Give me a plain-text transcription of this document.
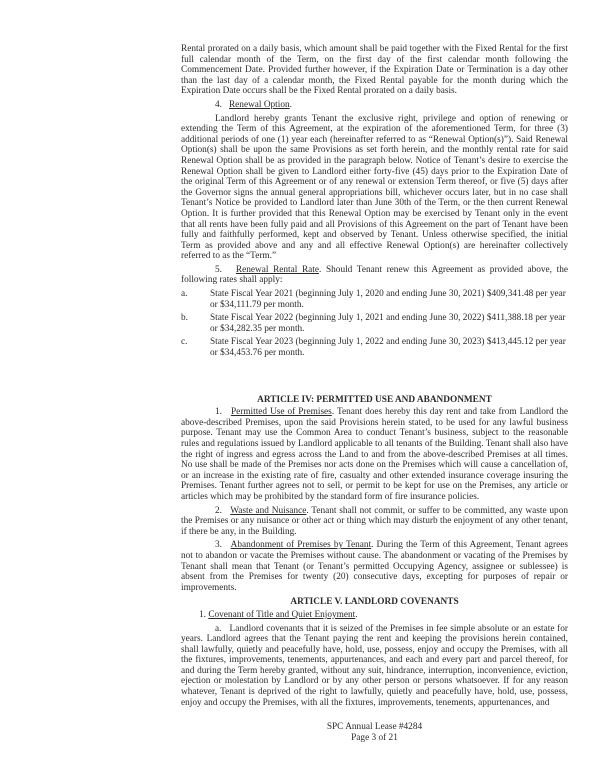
Rental prorated on a daily basis, which amount shall be paid together with the Fixed Rental for the first full calendar month of the Term, on the first day of the first calendar month following the Commencement Date. Provided further however, if the Expiration Date or Termination is a day other than the last day of a calendar month, the Fixed Rental payable for the month during which the Expiration Date occurs shall be the Fixed Rental prorated on a daily basis.

4. Renewal Option.

Landlord hereby grants Tenant the exclusive right, privilege and option of renewing or extending the Term of this Agreement, at the expiration of the aforementioned Term, for three (3) additional periods of one (1) year each (hereinafter referred to as “Renewal Option(s)”). Said Renewal Option(s) shall be upon the same Provisions as set forth herein, and the monthly rental rate for said Renewal Option shall be as provided in the paragraph below. Notice of Tenant’s desire to exercise the Renewal Option shall be given to Landlord either forty-five (45) days prior to the Expiration Date of the original Term of this Agreement or of any renewal or extension Term thereof, or five (5) days after the Governor signs the annual general appropriations bill, whichever occurs later, but in no case shall Tenant’s Notice be provided to Landlord later than June 30th of the Term, or the then current Renewal Option. It is further provided that this Renewal Option may be exercised by Tenant only in the event that all rents have been fully paid and all Provisions of this Agreement on the part of Tenant have been fully and faithfully performed, kept and observed by Tenant. Unless otherwise specified, the initial Term as provided above and any and all effective Renewal Option(s) are hereinafter collectively referred to as the “Term.”

5. Renewal Rental Rate. Should Tenant renew this Agreement as provided above, the following rates shall apply:

a.	State Fiscal Year 2021 (beginning July 1, 2020 and ending June 30, 2021) $409,341.48 per year or $34,111.79 per month.
b.	State Fiscal Year 2022 (beginning July 1, 2021 and ending June 30, 2022) $411,388.18 per year or $34,282.35 per month.
c.	State Fiscal Year 2023 (beginning July 1, 2022 and ending June 30, 2023) $413,445.12 per year or $34,453.76 per month.
ARTICLE IV: PERMITTED USE AND ABANDONMENT

1. Permitted Use of Premises. Tenant does hereby this day rent and take from Landlord the above-described Premises, upon the said Provisions herein stated, to be used for any lawful business purpose. Tenant may use the Common Area to conduct Tenant’s business, subject to the reasonable rules and regulations issued by Landlord applicable to all tenants of the Building. Tenant shall also have the right of ingress and egress across the Land to and from the above-described Premises at all times. No use shall be made of the Premises nor acts done on the Premises which will cause a cancellation of, or an increase in the existing rate of fire, casualty and other extended insurance coverage insuring the Premises. Tenant further agrees not to sell, or permit to be kept for use on the Premises, any article or articles which may be prohibited by the standard form of fire insurance policies.

2. Waste and Nuisance. Tenant shall not commit, or suffer to be committed, any waste upon the Premises or any nuisance or other act or thing which may disturb the enjoyment of any other tenant, if there be any, in the Building.

3. Abandonment of Premises by Tenant. During the Term of this Agreement, Tenant agrees not to abandon or vacate the Premises without cause. The abandonment or vacating of the Premises by Tenant shall mean that Tenant (or Tenant’s permitted Occupying Agency, assignee or sublessee) is absent from the Premises for twenty (20) consecutive days, excepting for purposes of repair or improvements.

ARTICLE V. LANDLORD COVENANTS

1. Covenant of Title and Quiet Enjoyment.

a. Landlord covenants that it is seized of the Premises in fee simple absolute or an estate for years. Landlord agrees that the Tenant paying the rent and keeping the provisions herein contained, shall lawfully, quietly and peacefully have, hold, use, possess, enjoy and occupy the Premises, with all the fixtures, improvements, tenements, appurtenances, and each and every part and parcel thereof, for and during the Term hereby granted, without any suit, hindrance, interruption, inconvenience, eviction, ejection or molestation by Landlord or by any other person or persons whatsoever. If for any reason whatever, Tenant is deprived of the right to lawfully, quietly and peacefully have, hold, use, possess, enjoy and occupy the Premises, with all the fixtures, improvements, tenements, appurtenances, and

SPC Annual Lease #4284
Page 3 of 21
